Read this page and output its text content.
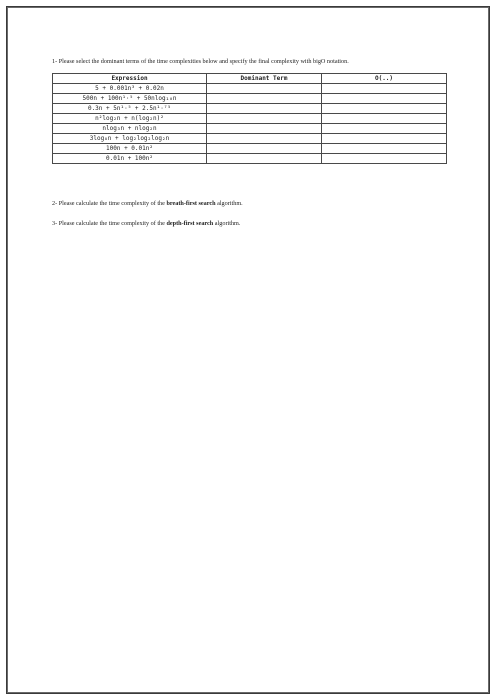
1- Please select the dominant terms of the time complexities below and specify the final complexity with bigO notation.
Expression	Dominant Term	O(..)
5 + 0.001n³ + 0.02n		
500n + 100n¹·⁵ + 50nlog₁₀n		
0.3n + 5n¹·⁵ + 2.5n¹·⁷⁵		
n²log₂n + n(log₂n)²		
nlog₃n + nlog₂n		
3log₈n + log₂log₂log₂n		
100n + 0.01n²		
0.01n + 100n²		
2- Please calculate the time complexity of the breath-first search algorithm.
3- Please calculate the time complexity of the depth-first search algorithm.
